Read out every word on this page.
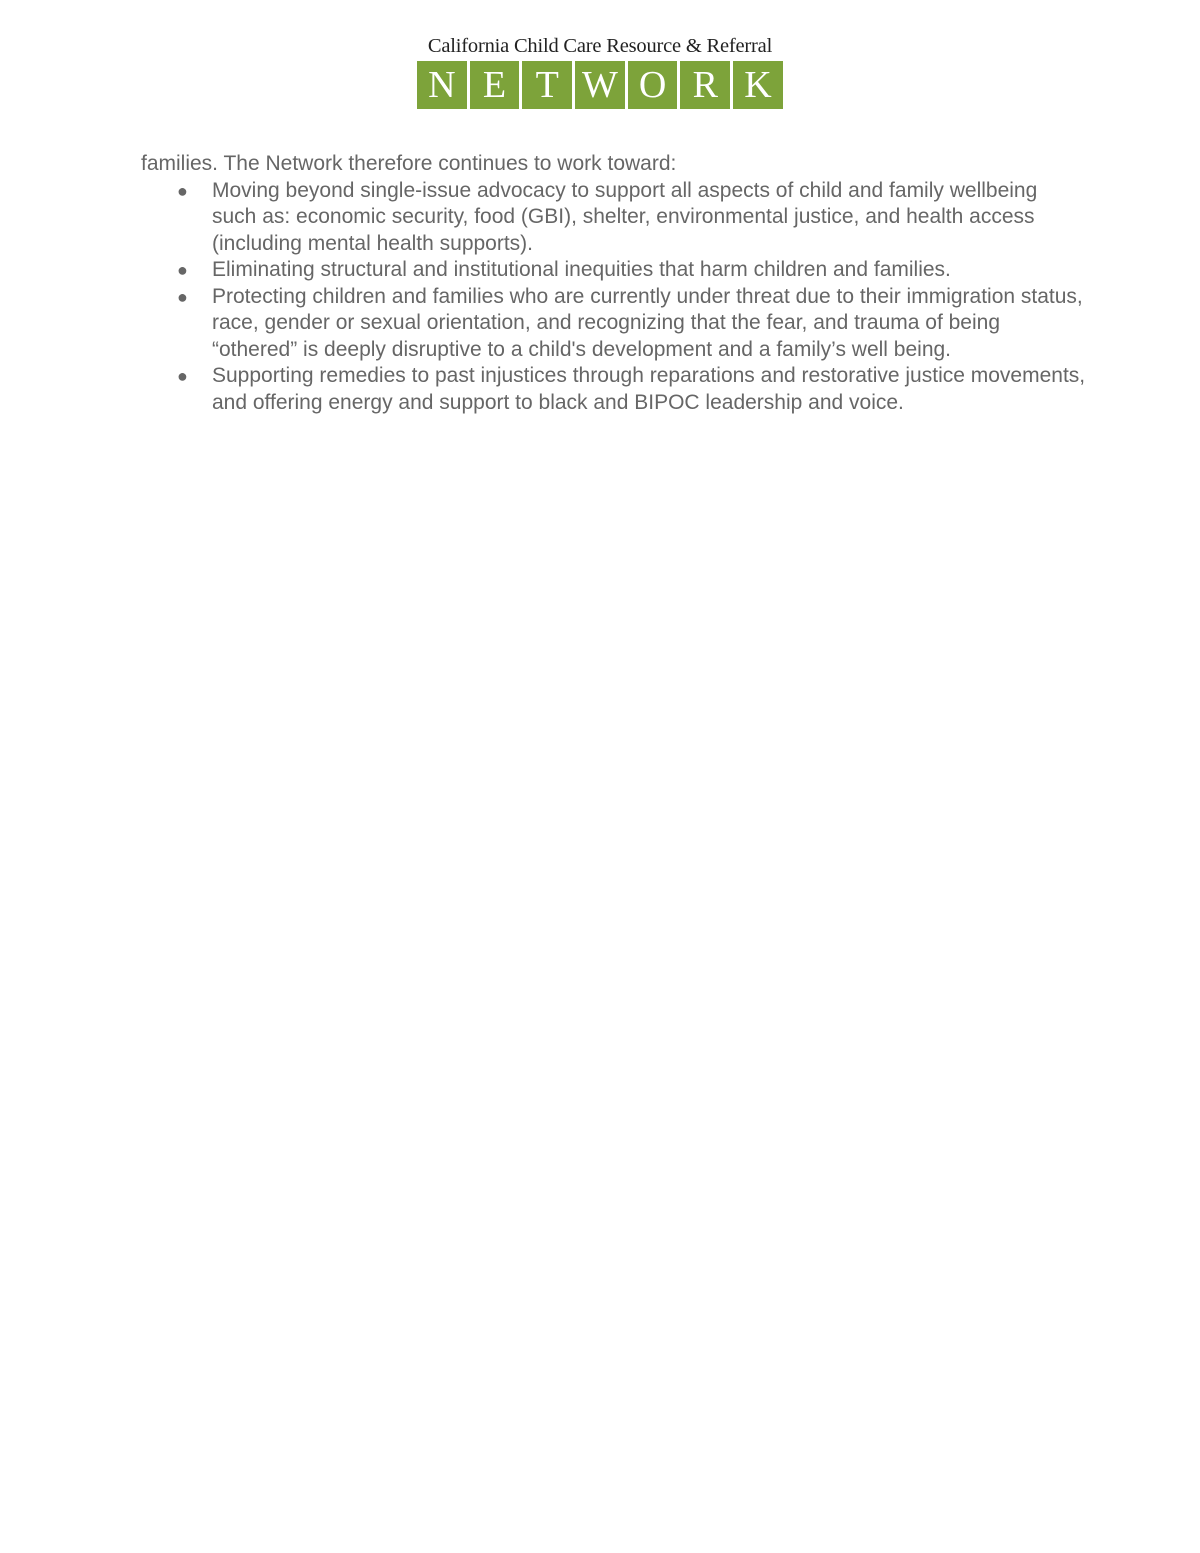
California Child Care Resource & Referral
N E T W O R K

families. The Network therefore continues to work toward:

● Moving beyond single-issue advocacy to support all aspects of child and family wellbeing such as: economic security, food (GBI), shelter, environmental justice, and health access (including mental health supports).
● Eliminating structural and institutional inequities that harm children and families.
● Protecting children and families who are currently under threat due to their immigration status, race, gender or sexual orientation, and recognizing that the fear, and trauma of being “othered” is deeply disruptive to a child's development and a family’s well being.
● Supporting remedies to past injustices through reparations and restorative justice movements, and offering energy and support to black and BIPOC leadership and voice.
